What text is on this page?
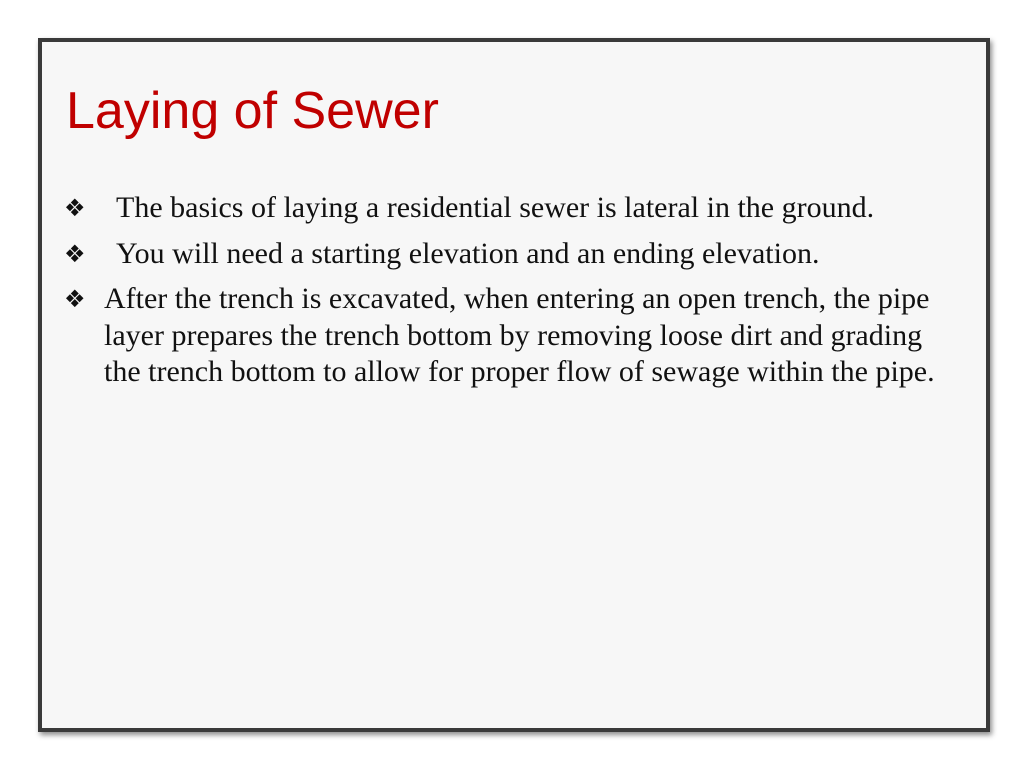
Laying of Sewer
❖	The basics of laying a residential sewer is lateral in the ground.
❖	You will need a starting elevation and an ending elevation.
❖ After the trench is excavated, when entering an open trench, the pipe layer prepares the trench bottom by removing loose dirt and grading the trench bottom to allow for proper flow of sewage within the pipe.
